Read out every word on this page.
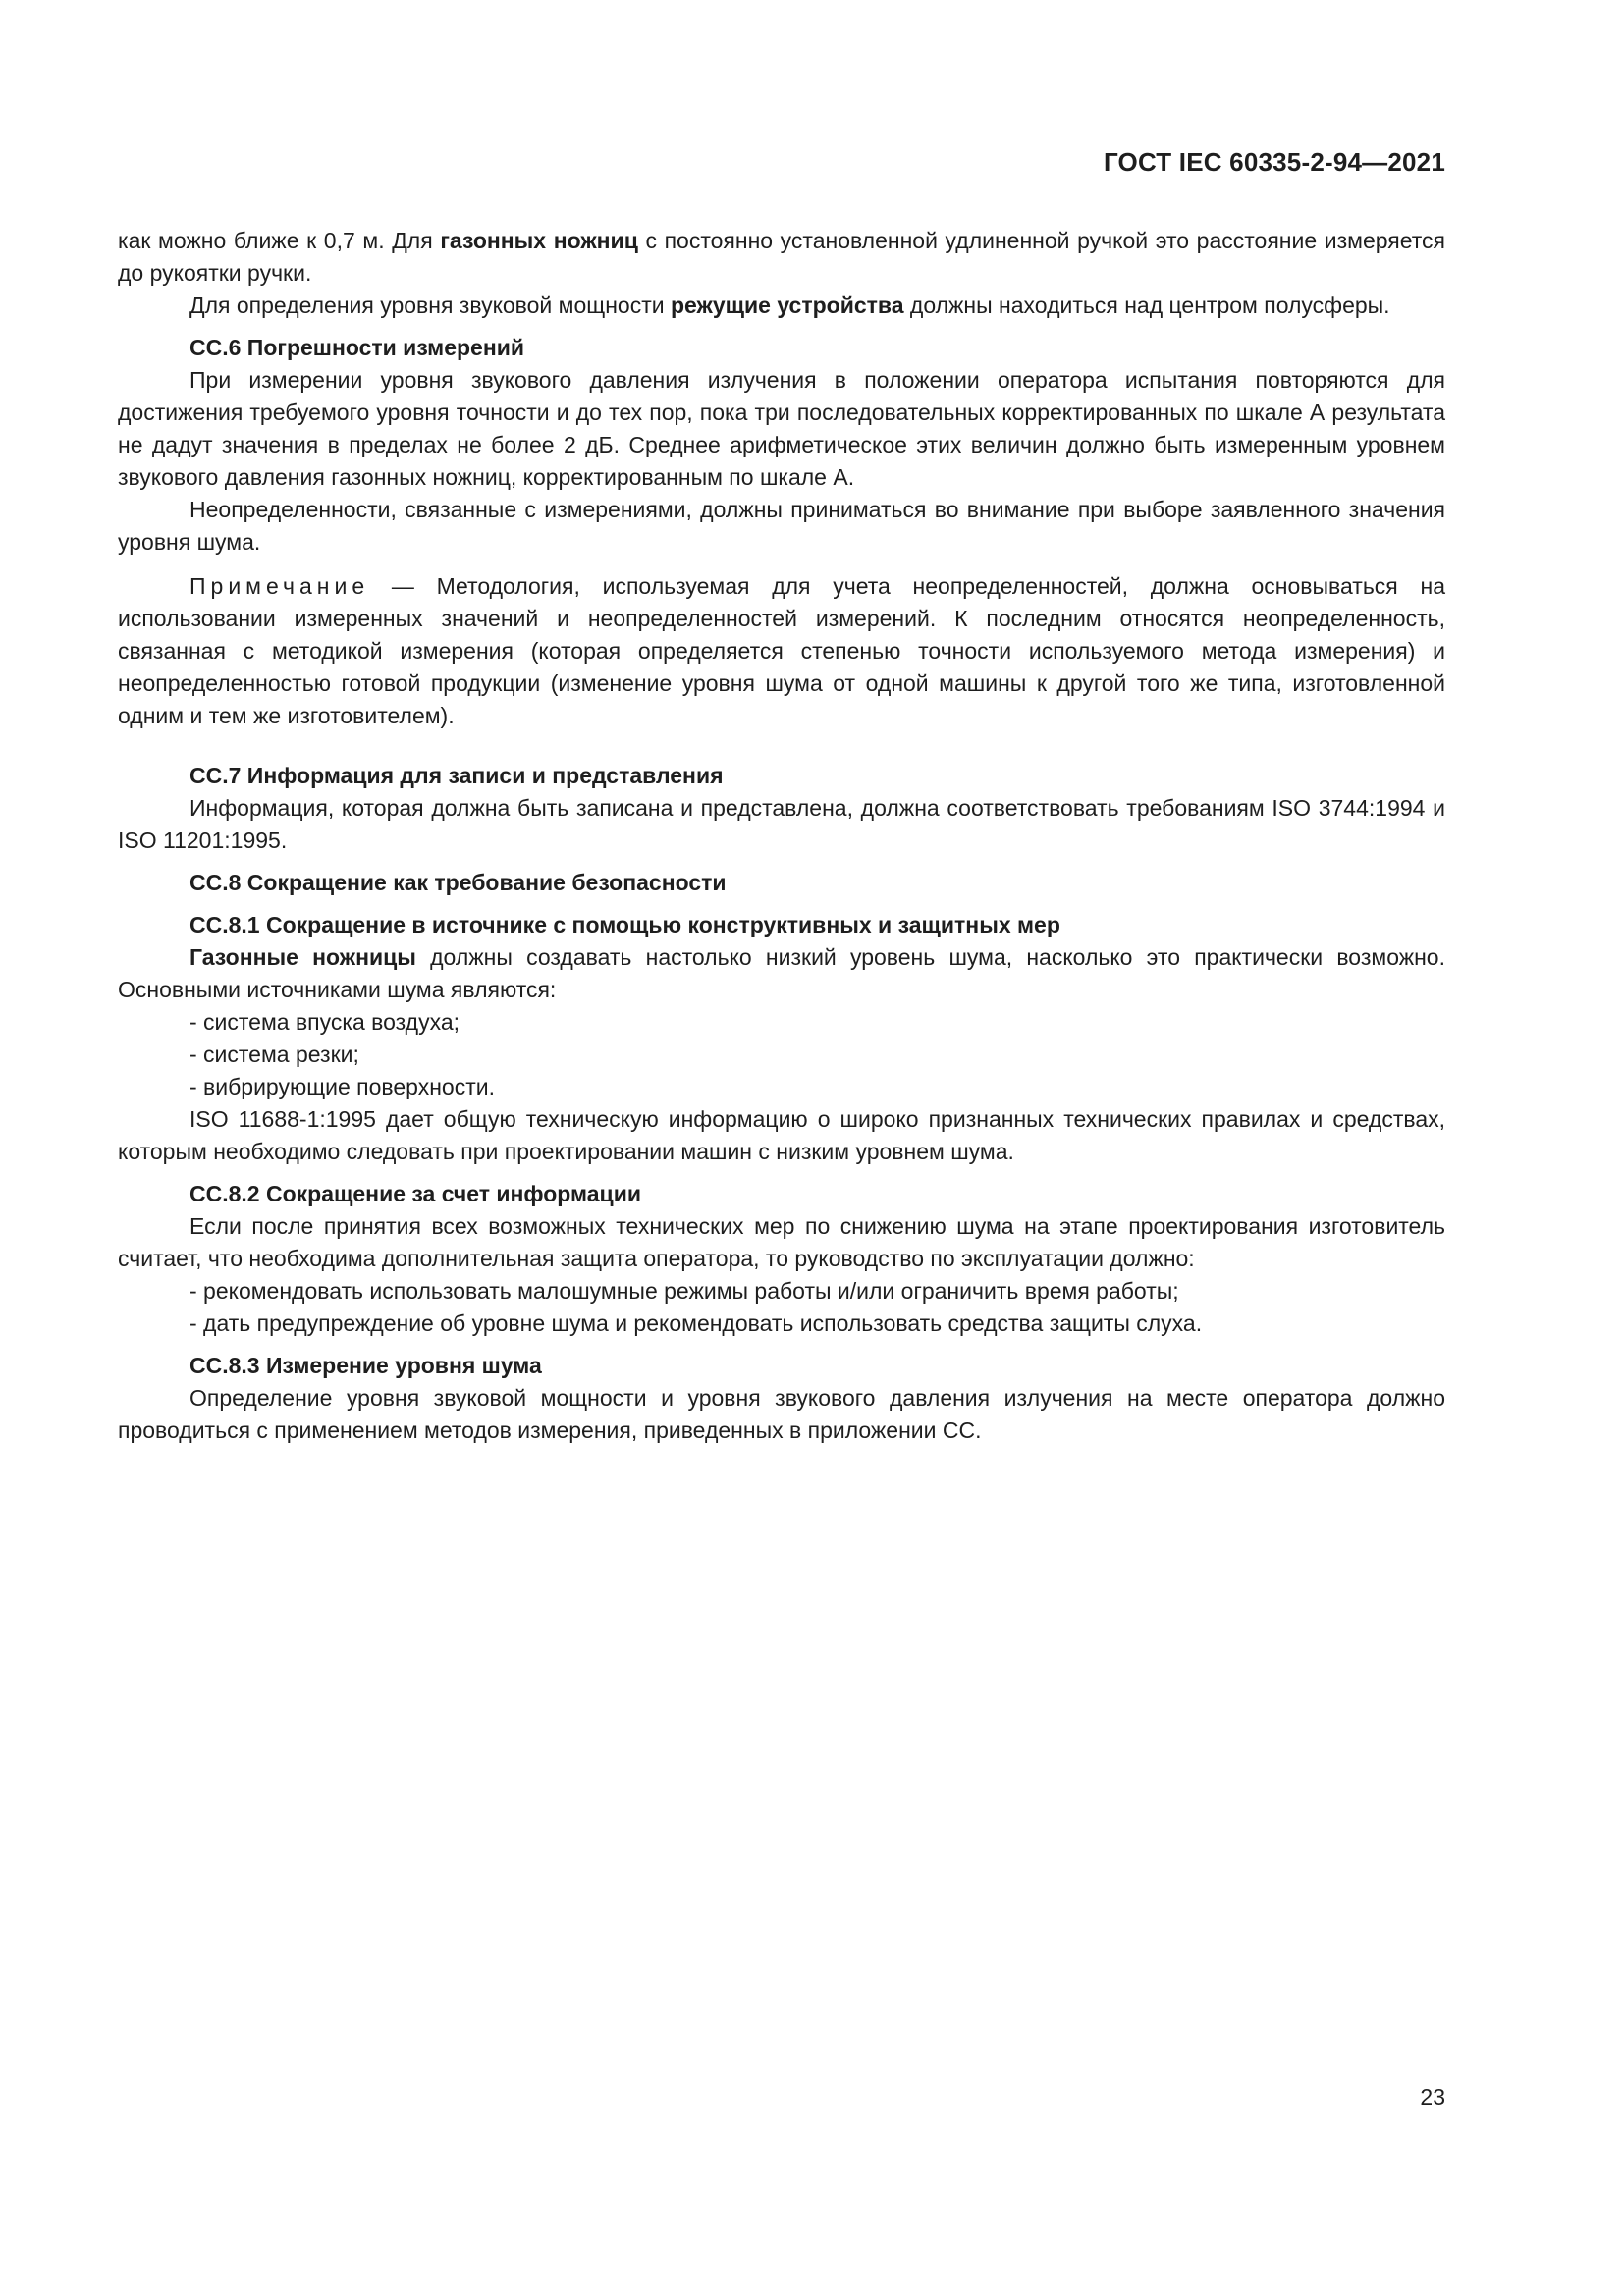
ГОСТ IEC 60335-2-94—2021

как можно ближе к 0,7 м. Для газонных ножниц с постоянно установленной удлиненной ручкой это расстояние измеряется до рукоятки ручки.

Для определения уровня звуковой мощности режущие устройства должны находиться над центром полусферы.

СС.6 Погрешности измерений

При измерении уровня звукового давления излучения в положении оператора испытания повторяются для достижения требуемого уровня точности и до тех пор, пока три последовательных корректированных по шкале А результата не дадут значения в пределах не более 2 дБ. Среднее арифметическое этих величин должно быть измеренным уровнем звукового давления газонных ножниц, корректированным по шкале А.

Неопределенности, связанные с измерениями, должны приниматься во внимание при выборе заявленного значения уровня шума.

Примечание — Методология, используемая для учета неопределенностей, должна основываться на использовании измеренных значений и неопределенностей измерений. К последним относятся неопределенность, связанная с методикой измерения (которая определяется степенью точности используемого метода измерения) и неопределенностью готовой продукции (изменение уровня шума от одной машины к другой того же типа, изготовленной одним и тем же изготовителем).

СС.7 Информация для записи и представления

Информация, которая должна быть записана и представлена, должна соответствовать требованиям ISO 3744:1994 и ISO 11201:1995.

СС.8 Сокращение как требование безопасности

СС.8.1 Сокращение в источнике с помощью конструктивных и защитных мер

Газонные ножницы должны создавать настолько низкий уровень шума, насколько это практически возможно. Основными источниками шума являются:

- система впуска воздуха;

- система резки;

- вибрирующие поверхности.

ISO 11688-1:1995 дает общую техническую информацию о широко признанных технических правилах и средствах, которым необходимо следовать при проектировании машин с низким уровнем шума.

СС.8.2 Сокращение за счет информации

Если после принятия всех возможных технических мер по снижению шума на этапе проектирования изготовитель считает, что необходима дополнительная защита оператора, то руководство по эксплуатации должно:

- рекомендовать использовать малошумные режимы работы и/или ограничить время работы;

- дать предупреждение об уровне шума и рекомендовать использовать средства защиты слуха.

СС.8.3 Измерение уровня шума

Определение уровня звуковой мощности и уровня звукового давления излучения на месте оператора должно проводиться с применением методов измерения, приведенных в приложении СС.

23
